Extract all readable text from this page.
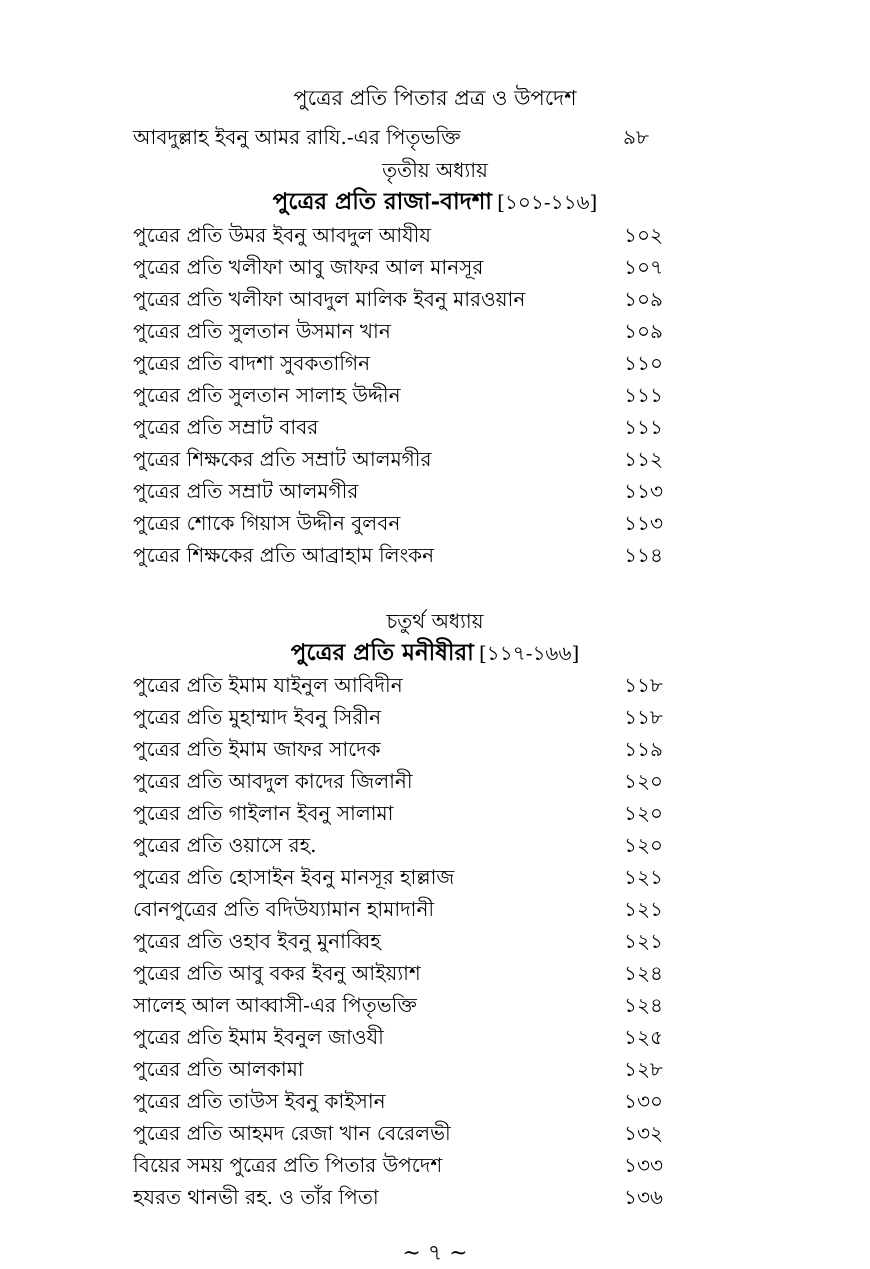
পুত্রের প্রতি পিতার প্রত্র ও উপদেশ
আবদুল্লাহ ইবনু আমর রাযি.-এর পিতৃভক্তি	৯৮
তৃতীয় অধ্যায়
পুত্রের প্রতি রাজা-বাদশা [১০১-১১৬]
পুত্রের প্রতি উমর ইবনু আবদুল আযীয	১০২
পুত্রের প্রতি খলীফা আবু জাফর আল মানসূর	১০৭
পুত্রের প্রতি খলীফা আবদুল মালিক ইবনু মারওয়ান	১০৯
পুত্রের প্রতি সুলতান উসমান খান	১০৯
পুত্রের প্রতি বাদশা সুবকতাগিন	১১০
পুত্রের প্রতি সুলতান সালাহ উদ্দীন	১১১
পুত্রের প্রতি সম্রাট বাবর	১১১
পুত্রের শিক্ষকের প্রতি সম্রাট আলমগীর	১১২
পুত্রের প্রতি সম্রাট আলমগীর	১১৩
পুত্রের শোকে গিয়াস উদ্দীন বুলবন	১১৩
পুত্রের শিক্ষকের প্রতি আব্রাহাম লিংকন	১১৪
চতুর্থ অধ্যায়
পুত্রের প্রতি মনীষীরা [১১৭-১৬৬]
পুত্রের প্রতি ইমাম যাইনুল আবিদীন	১১৮
পুত্রের প্রতি মুহাম্মাদ ইবনু সিরীন	১১৮
পুত্রের প্রতি ইমাম জাফর সাদেক	১১৯
পুত্রের প্রতি আবদুল কাদের জিলানী	১২০
পুত্রের প্রতি গাইলান ইবনু সালামা	১২০
পুত্রের প্রতি ওয়াসে রহ.	১২০
পুত্রের প্রতি হোসাইন ইবনু মানসূর হাল্লাজ	১২১
বোনপুত্রের প্রতি বদিউয্যামান হামাদানী	১২১
পুত্রের প্রতি ওহাব ইবনু মুনাব্বিহ	১২১
পুত্রের প্রতি আবু বকর ইবনু আইয়্যাশ	১২৪
সালেহ আল আব্বাসী-এর পিতৃভক্তি	১২৪
পুত্রের প্রতি ইমাম ইবনুল জাওযী	১২৫
পুত্রের প্রতি আলকামা	১২৮
পুত্রের প্রতি তাউস ইবনু কাইসান	১৩০
পুত্রের প্রতি আহমদ রেজা খান বেরেলভী	১৩২
বিয়ের সময় পুত্রের প্রতি পিতার উপদেশ	১৩৩
হযরত থানভী রহ. ও তাঁর পিতা	১৩৬
~ ৭ ~
